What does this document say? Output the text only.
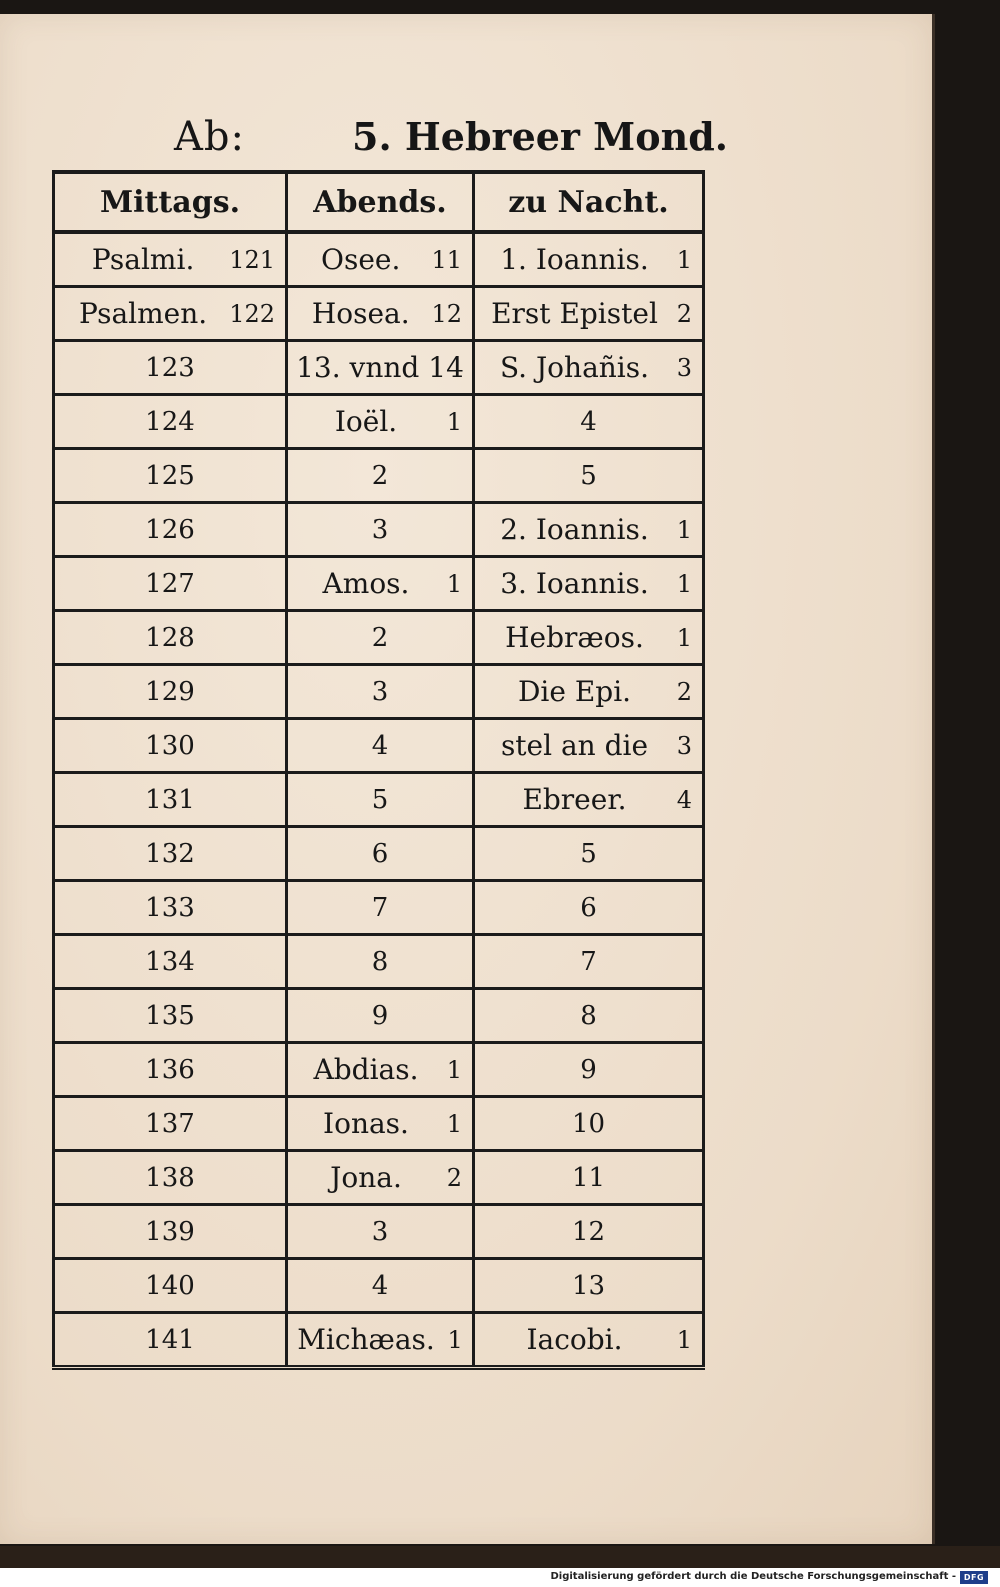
Ab:	5. Hebreer Mond.
Mittags.	Abends.	zu Nacht.

Psalmi. 121	Osee. 11	1. Ioannis. 1

Psalmen. 122	Hosea. 12	Erst Epistel 2

123	13. vnnd 14	S. Johañis. 3

124	Ioël. 1	4

125	2	5

126	3	2. Ioannis. 1

127	Amos. 1	3. Ioannis. 1

128	2	Hebræos. 1

129	3	Die Epi. 2

130	4	stel an die 3

131	5	Ebreer. 4

132	6	5

133	7	6

134	8	7

135	9	8

136	Abdias. 1	9

137	Ionas. 1	10

138	Jona. 2	11

139	3	12

140	4	13

141	Michæas. 1	Iacobi. 1
Digitalisierung gefördert durch die Deutsche Forschungsgemeinschaft - DFG
